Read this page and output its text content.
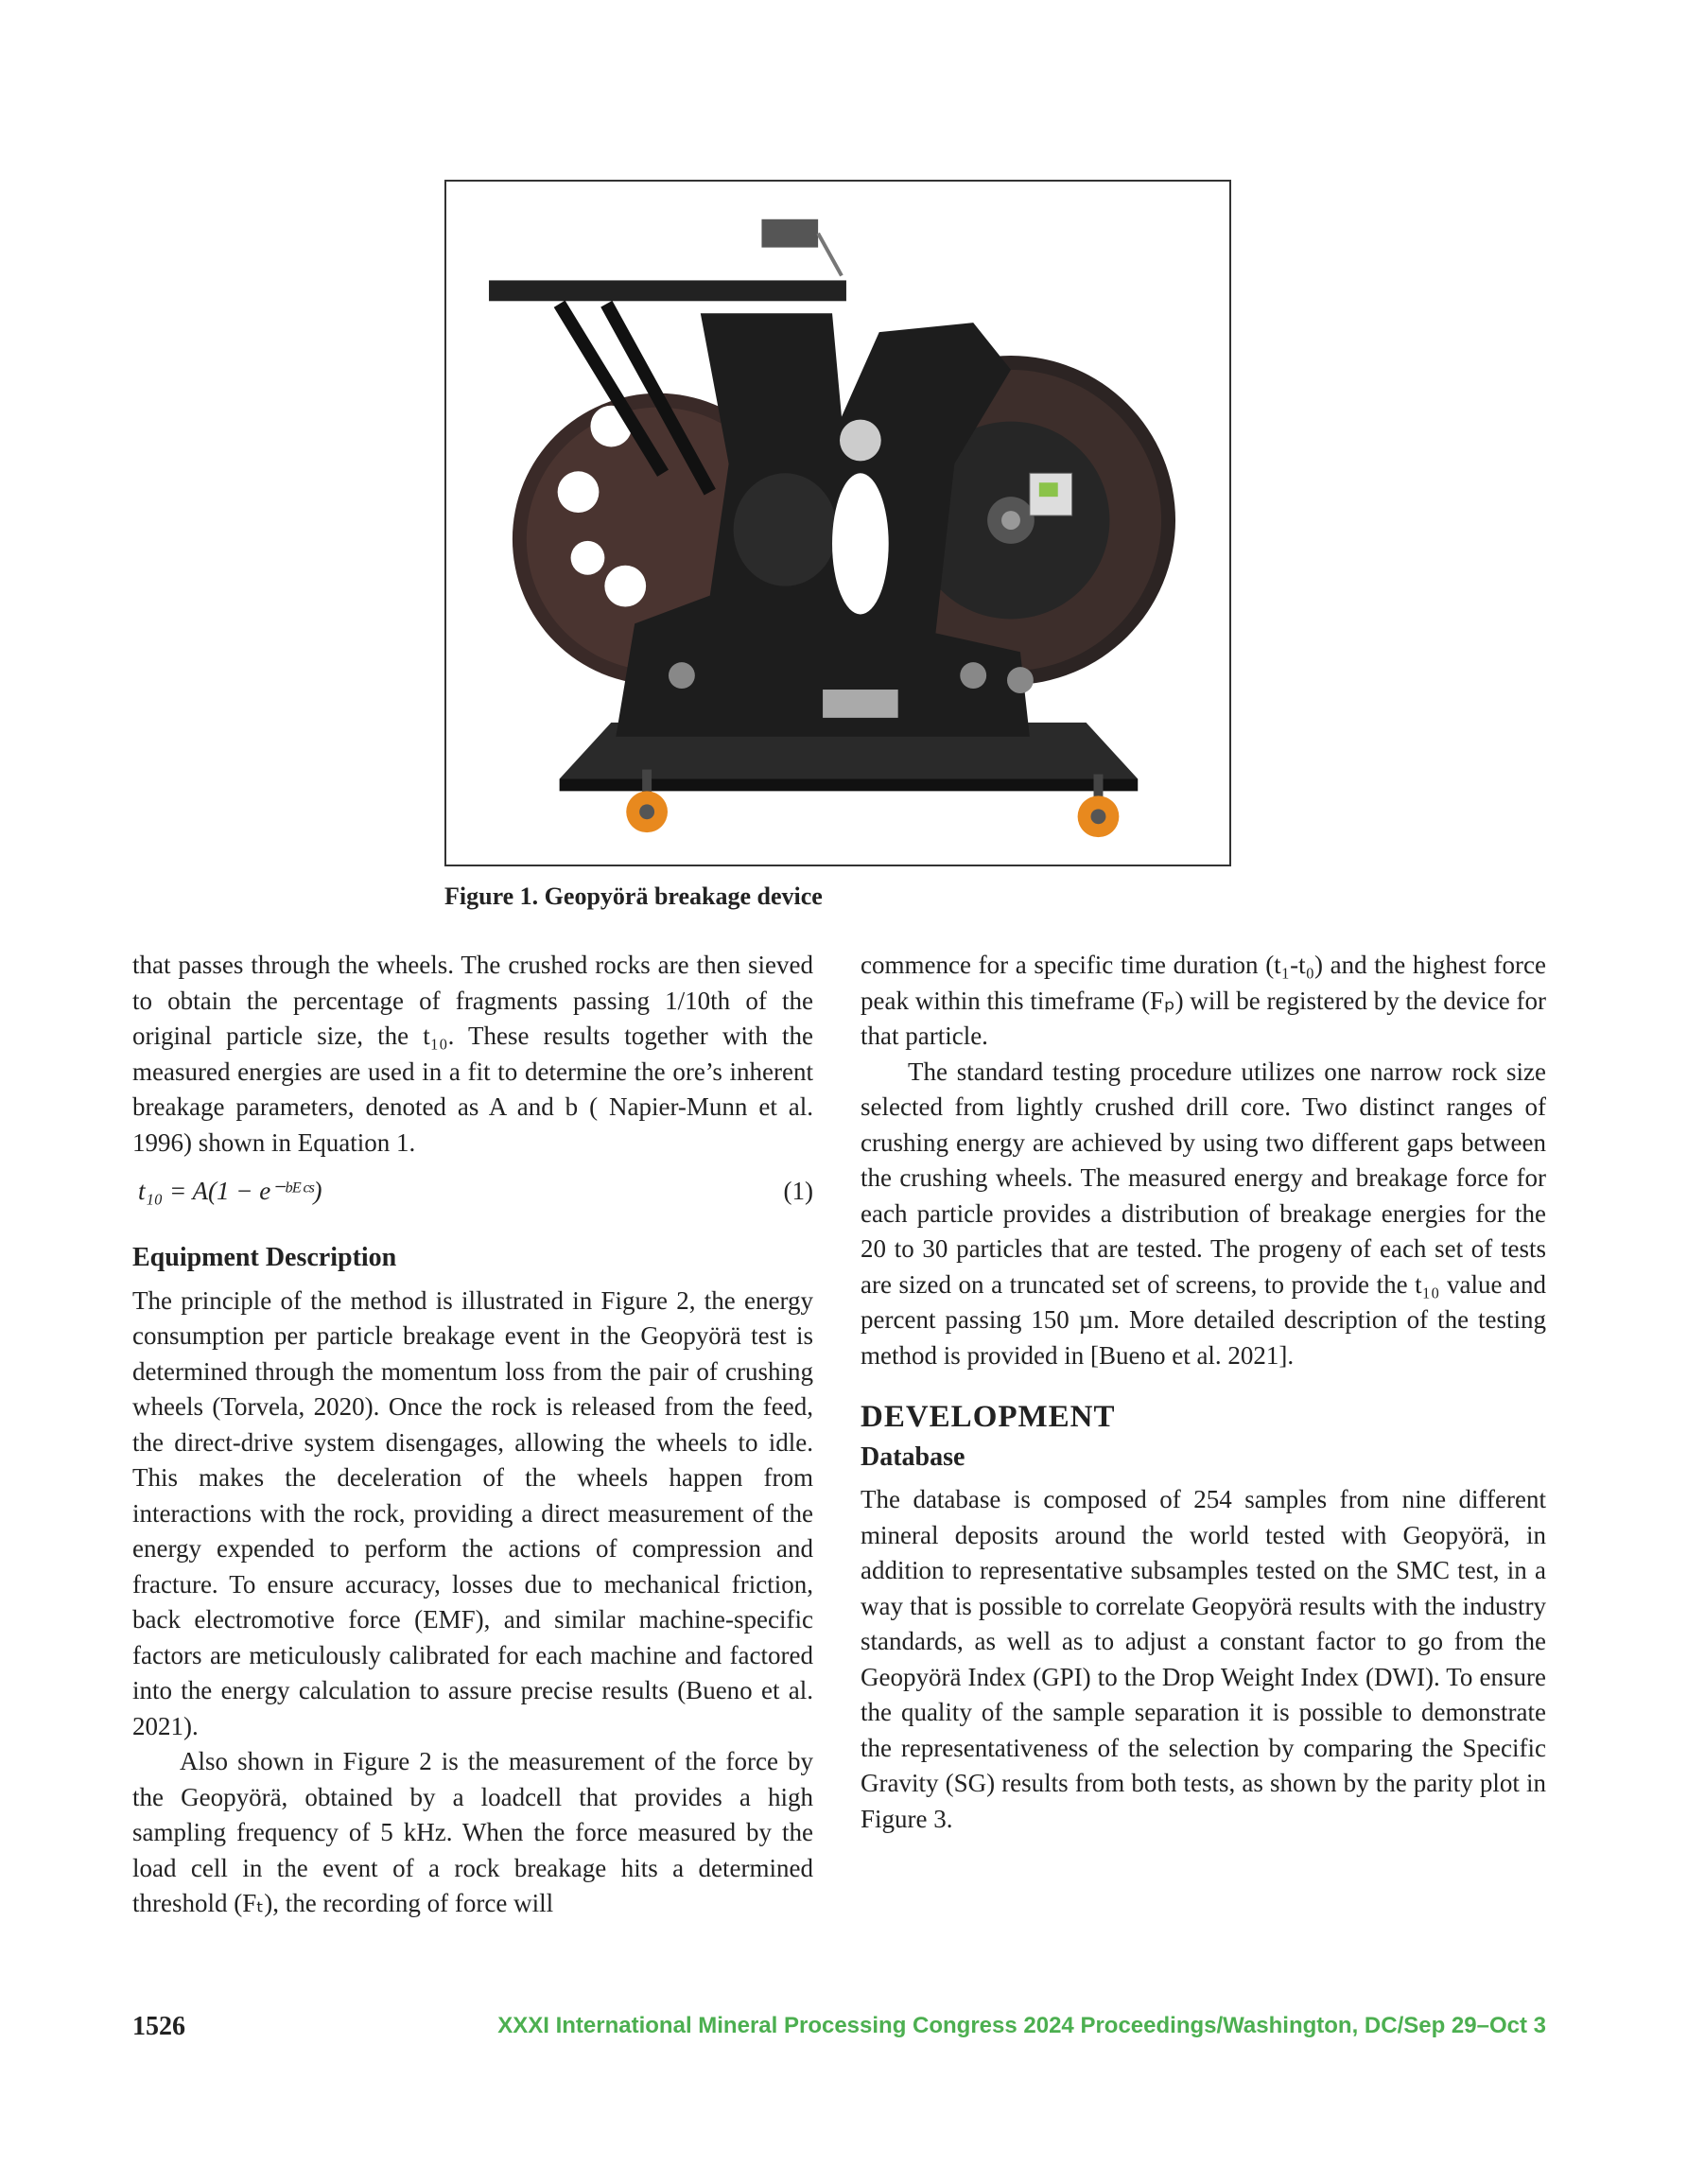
Figure 1. Geopyörä breakage device

that passes through the wheels. The crushed rocks are then sieved to obtain the percentage of fragments passing 1/10th of the original particle size, the t₁₀. These results together with the measured energies are used in a fit to determine the ore’s inherent breakage parameters, denoted as A and b ( Napier-Munn et al. 1996) shown in Equation 1.

t₁₀ = A(1 − e⁻ᵇᴱᶜˢ)	(1)
Equipment Description

The principle of the method is illustrated in Figure 2, the energy consumption per particle breakage event in the Geopyörä test is determined through the momentum loss from the pair of crushing wheels (Torvela, 2020). Once the rock is released from the feed, the direct-drive system disengages, allowing the wheels to idle. This makes the deceleration of the wheels happen from interactions with the rock, providing a direct measurement of the energy expended to perform the actions of compression and fracture. To ensure accuracy, losses due to mechanical friction, back electromotive force (EMF), and similar machine-specific factors are meticulously calibrated for each machine and factored into the energy calculation to assure precise results (Bueno et al. 2021).

Also shown in Figure 2 is the measurement of the force by the Geopyörä, obtained by a loadcell that provides a high sampling frequency of 5 kHz. When the force measured by the load cell in the event of a rock breakage hits a determined threshold (Fₜ), the recording of force will

commence for a specific time duration (t₁-t₀) and the highest force peak within this timeframe (Fₚ) will be registered by the device for that particle.

The standard testing procedure utilizes one narrow rock size selected from lightly crushed drill core. Two distinct ranges of crushing energy are achieved by using two different gaps between the crushing wheels. The measured energy and breakage force for each particle provides a distribution of breakage energies for the 20 to 30 particles that are tested. The progeny of each set of tests are sized on a truncated set of screens, to provide the t₁₀ value and percent passing 150 µm. More detailed description of the testing method is provided in [Bueno et al. 2021].

DEVELOPMENT
Database

The database is composed of 254 samples from nine different mineral deposits around the world tested with Geopyörä, in addition to representative subsamples tested on the SMC test, in a way that is possible to correlate Geopyörä results with the industry standards, as well as to adjust a constant factor to go from the Geopyörä Index (GPI) to the Drop Weight Index (DWI). To ensure the quality of the sample separation it is possible to demonstrate the representativeness of the selection by comparing the Specific Gravity (SG) results from both tests, as shown by the parity plot in Figure 3.

1526	XXXI International Mineral Processing Congress 2024 Proceedings/Washington, DC/Sep 29–Oct 3
